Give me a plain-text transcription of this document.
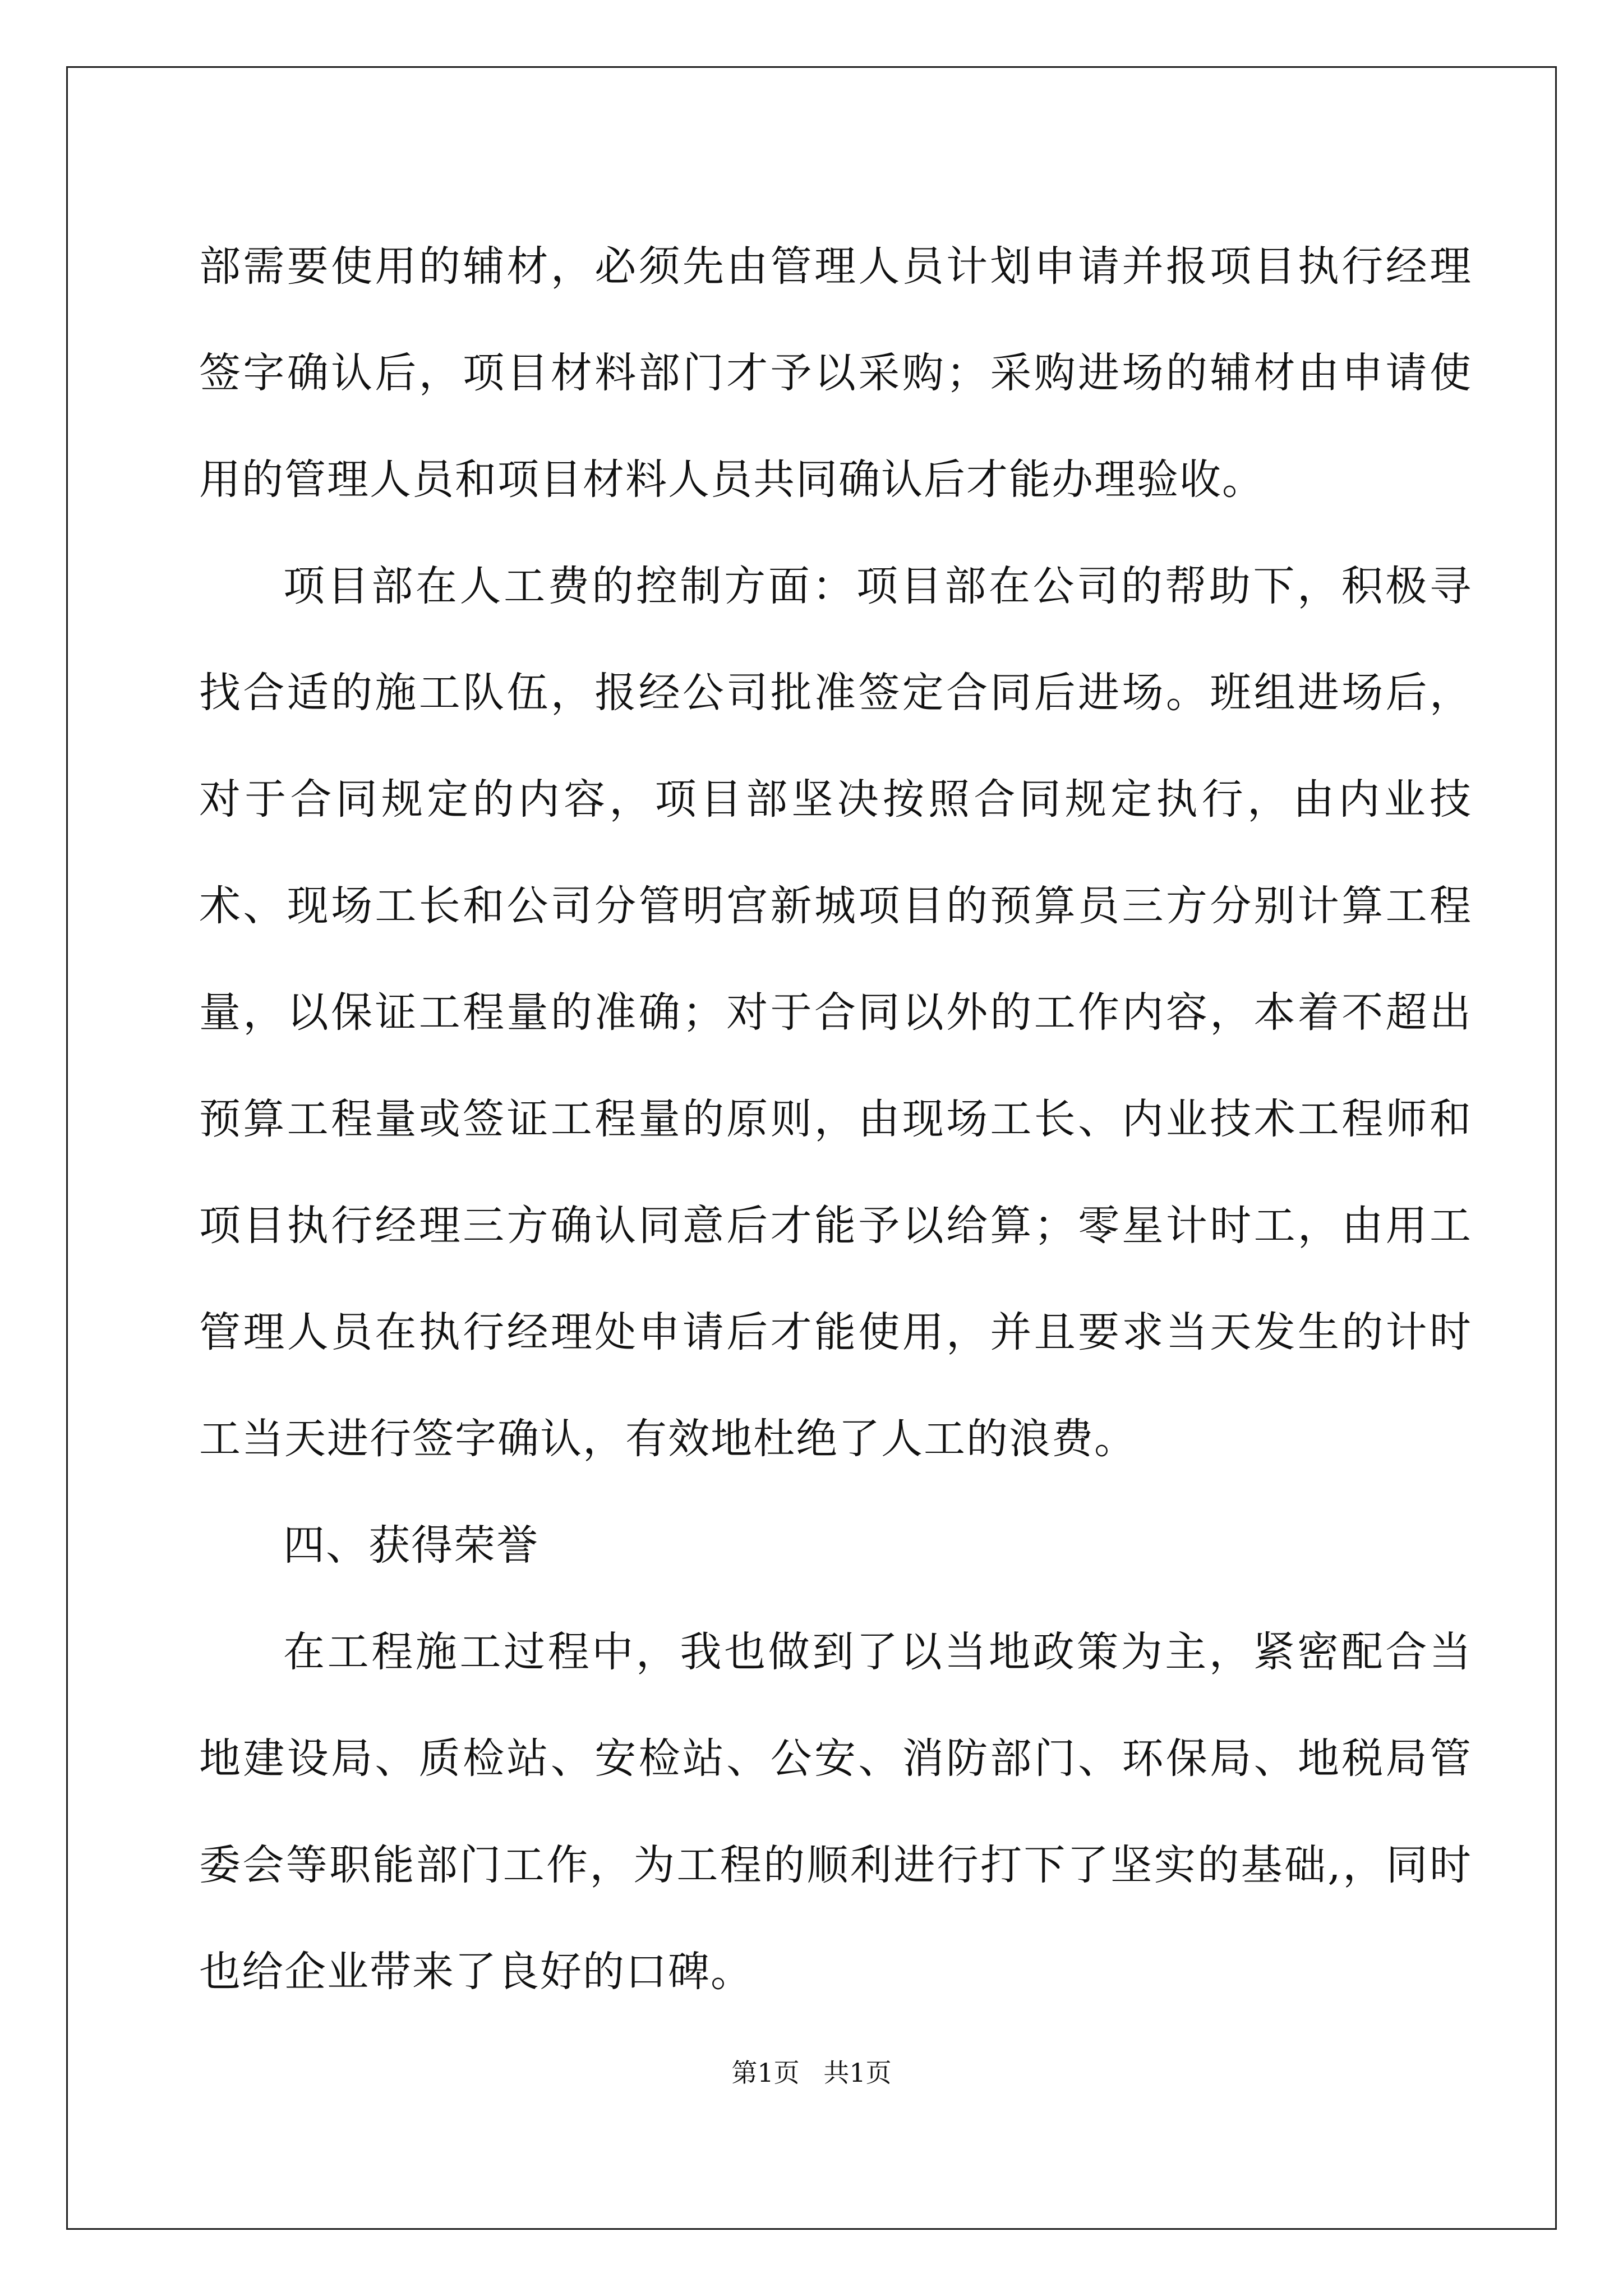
部需要使用的辅材，必须先由管理人员计划申请并报项目执行经理签字确认后，项目材料部门才予以采购；采购进场的辅材由申请使用的管理人员和项目材料人员共同确认后才能办理验收。

项目部在人工费的控制方面：项目部在公司的帮助下，积极寻找合适的施工队伍，报经公司批准签定合同后进场。班组进场后，对于合同规定的内容，项目部坚决按照合同规定执行，由内业技术、现场工长和公司分管明宫新城项目的预算员三方分别计算工程量，以保证工程量的准确；对于合同以外的工作内容，本着不超出预算工程量或签证工程量的原则，由现场工长、内业技术工程师和项目执行经理三方确认同意后才能予以给算；零星计时工，由用工管理人员在执行经理处申请后才能使用，并且要求当天发生的计时工当天进行签字确认，有效地杜绝了人工的浪费。

四、获得荣誉

在工程施工过程中，我也做到了以当地政策为主，紧密配合当地建设局、质检站、安检站、公安、消防部门、环保局、地税局管委会等职能部门工作，为工程的顺利进行打下了坚实的基础,，同时也给企业带来了良好的口碑。

第1页 共1页
